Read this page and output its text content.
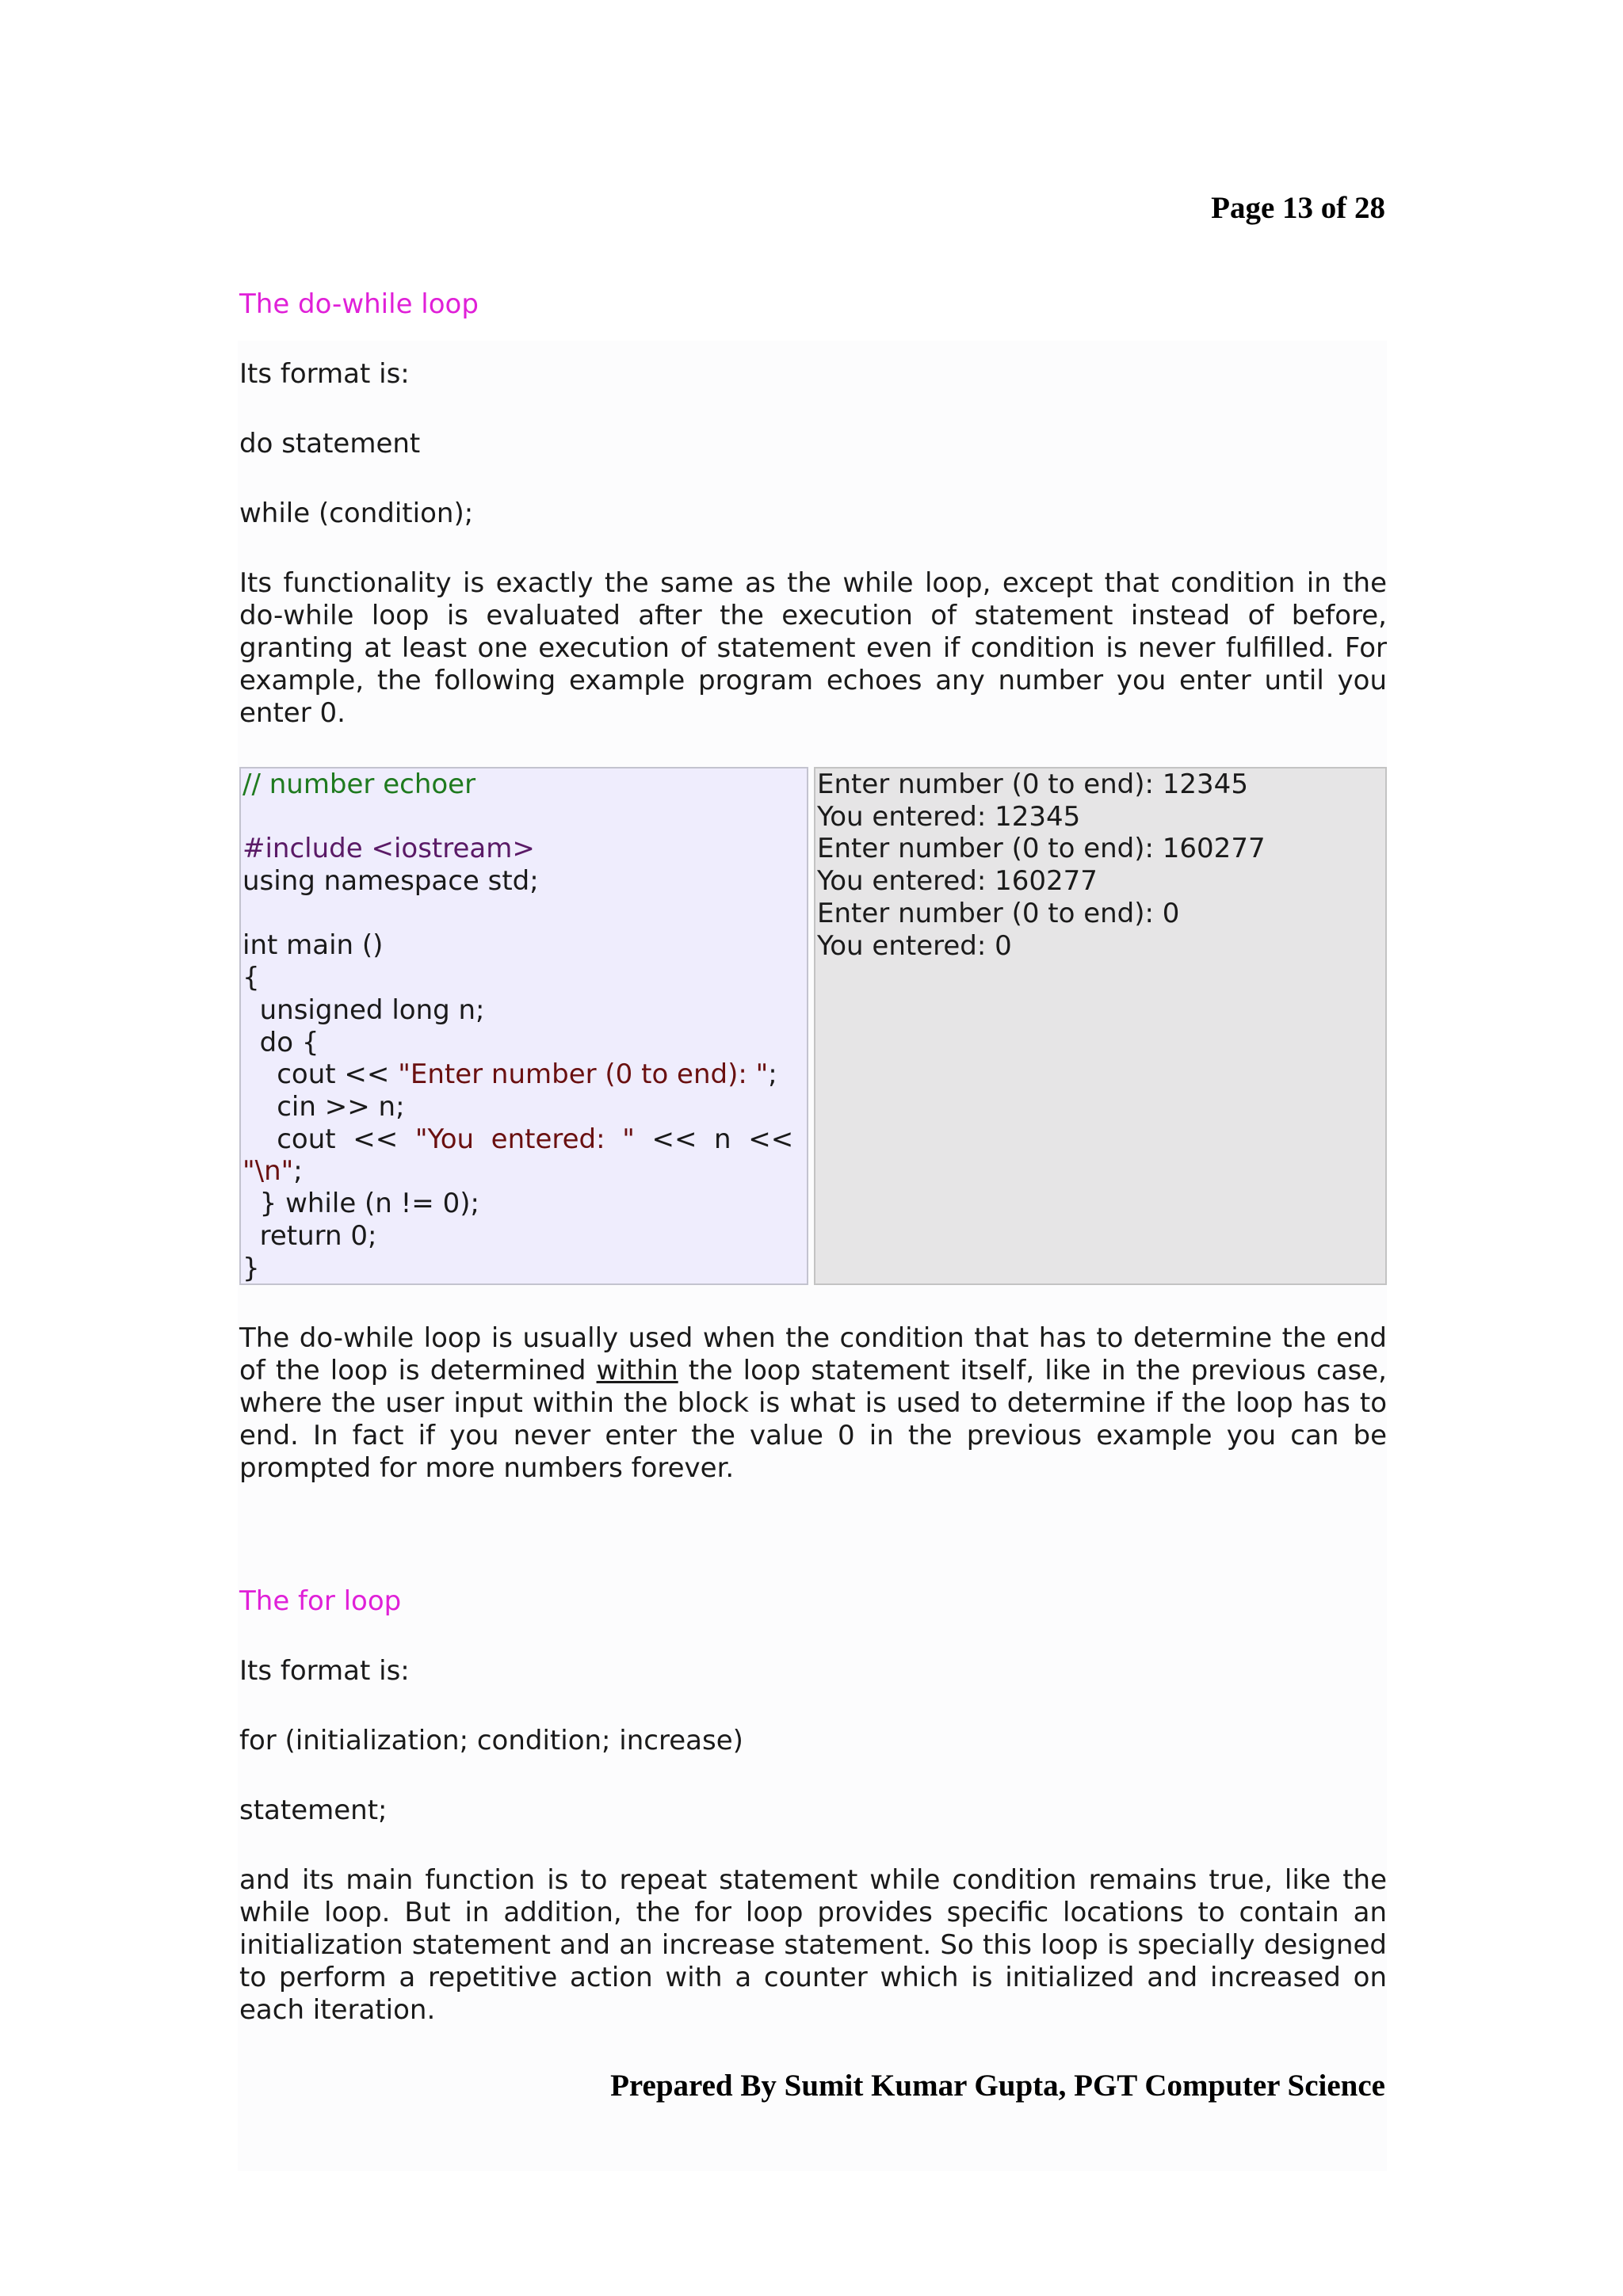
Page 13 of 28
The do-while loop
Its format is:
do statement
while (condition);
Its functionality is exactly the same as the while loop, except that condition in the do-while loop is evaluated after the execution of statement instead of before, granting at least one execution of statement even if condition is never fulfilled. For example, the following example program echoes any number you enter until you enter 0.
// number echoer
#include <iostream>
using namespace std;
int main ()
{
unsigned long n;
do {
cout << "Enter number (0 to end): ";
cin >> n;
cout  <<  "You  entered:  "  <<  n  <<
"\n";
} while (n != 0);
return 0;
}
Enter number (0 to end): 12345
You entered: 12345
Enter number (0 to end): 160277
You entered: 160277
Enter number (0 to end): 0
You entered: 0
The do-while loop is usually used when the condition that has to determine the end of the loop is determined within the loop statement itself, like in the previous case, where the user input within the block is what is used to determine if the loop has to end. In fact if you never enter the value 0 in the previous example you can be prompted for more numbers forever.
The for loop
Its format is:
for (initialization; condition; increase)
statement;
and its main function is to repeat statement while condition remains true, like the while loop. But in addition, the for loop provides specific locations to contain an initialization statement and an increase statement. So this loop is specially designed to perform a repetitive action with a counter which is initialized and increased on each iteration.
Prepared By Sumit Kumar Gupta, PGT Computer Science
